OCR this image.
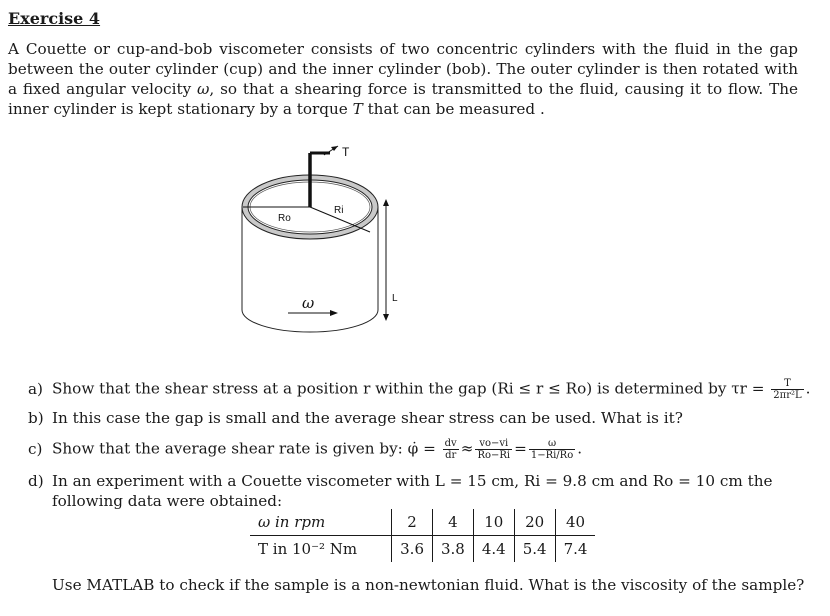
Exercise 4
A Couette or cup-and-bob viscometer consists of two concentric cylinders with the fluid in the gap between the outer cylinder (cup) and the inner cylinder (bob). The outer cylinder is then rotated with a fixed angular velocity ω, so that a shearing force is transmitted to the fluid, causing it to flow. The inner cylinder is kept stationary by a torque T that can be measured .
T
Ro
Ri
ω	L
a) Show that the shear stress at a position r within the gap (Ri ≤ r ≤ Ro) is determined by $\tau r = \frac{T}{\text{2πr²L}}$ .
b) In this case the gap is small and the average shear stress can be used. What is it?
c) Show that the average shear rate is given by: φ̇ = $\frac{dv}{dr} \approx \frac{vo-vi}{Ro-Ri} = \frac{\omega}{1-Ri/Ro}$ .
d) In an experiment with a Couette viscometer with L = 15 cm, Ri = 9.8 cm and Ro = 10 cm the
following data were obtained:
ω in rpm	2	4	10	20	40
T in 10⁻² Nm	3.6	3.8	4.4	5.4	7.4
Use MATLAB to check if the sample is a non-newtonian fluid. What is the viscosity of the sample?
